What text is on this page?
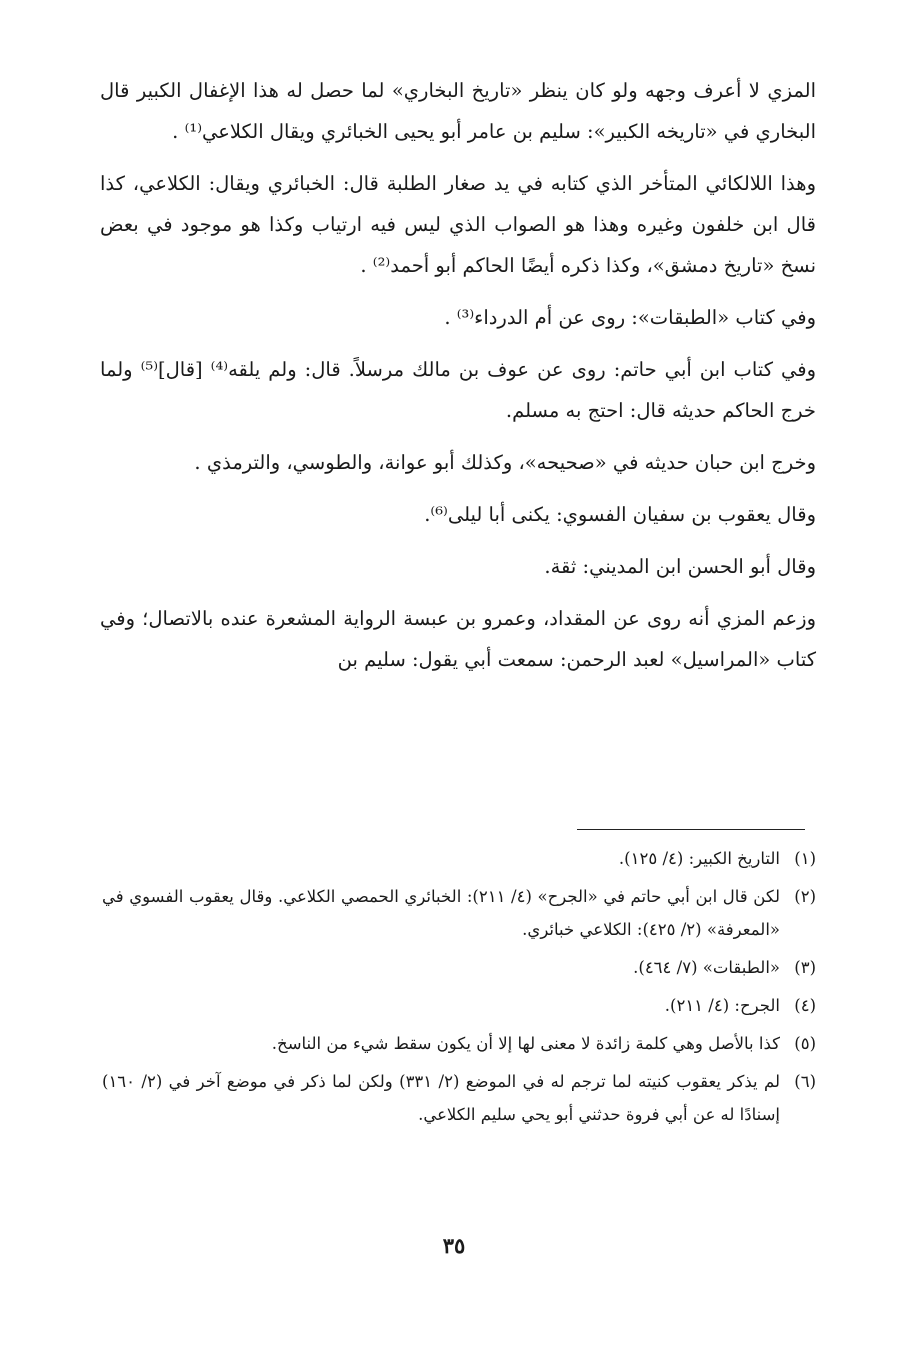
المزي لا أعرف وجهه ولو كان ينظر «تاريخ البخاري» لما حصل له هذا الإغفال الكبير قال البخاري في «تاريخه الكبير»: سليم بن عامر أبو يحيى الخبائري ويقال الكلاعي⁽¹⁾ .

وهذا اللالكائي المتأخر الذي كتابه في يد صغار الطلبة قال: الخبائري ويقال: الكلاعي، كذا قال ابن خلفون وغيره وهذا هو الصواب الذي ليس فيه ارتياب وكذا هو موجود في بعض نسخ «تاريخ دمشق»، وكذا ذكره أيضًا الحاكم أبو أحمد⁽²⁾ .

وفي كتاب «الطبقات»: روى عن أم الدرداء⁽³⁾ .

وفي كتاب ابن أبي حاتم: روى عن عوف بن مالك مرسلاً. قال: ولم يلقه⁽⁴⁾ [قال]⁽⁵⁾ ولما خرج الحاكم حديثه قال: احتج به مسلم.

وخرج ابن حبان حديثه في «صحيحه»، وكذلك أبو عوانة، والطوسي، والترمذي .

وقال يعقوب بن سفيان الفسوي: يكنى أبا ليلى⁽⁶⁾.

وقال أبو الحسن ابن المديني: ثقة.

وزعم المزي أنه روى عن المقداد، وعمرو بن عبسة الرواية المشعرة عنده بالاتصال؛ وفي كتاب «المراسيل» لعبد الرحمن: سمعت أبي يقول: سليم بن

(١)
التاريخ الكبير: (٤/ ١٢٥).
(٢)
لكن قال ابن أبي حاتم في «الجرح» (٤/ ٢١١): الخبائري الحمصي الكلاعي. وقال يعقوب الفسوي في «المعرفة» (٢/ ٤٢٥): الكلاعي خبائري.
(٣)
«الطبقات» (٧/ ٤٦٤).
(٤)
الجرح: (٤/ ٢١١).
(٥)
كذا بالأصل وهي كلمة زائدة لا معنى لها إلا أن يكون سقط شيء من الناسخ.
(٦)
لم يذكر يعقوب كنيته لما ترجم له في الموضع (٢/ ٣٣١) ولكن لما ذكر في موضع آخر في (٢/ ١٦٠) إسنادًا له عن أبي فروة حدثني أبو يحي سليم الكلاعي.
٣٥
